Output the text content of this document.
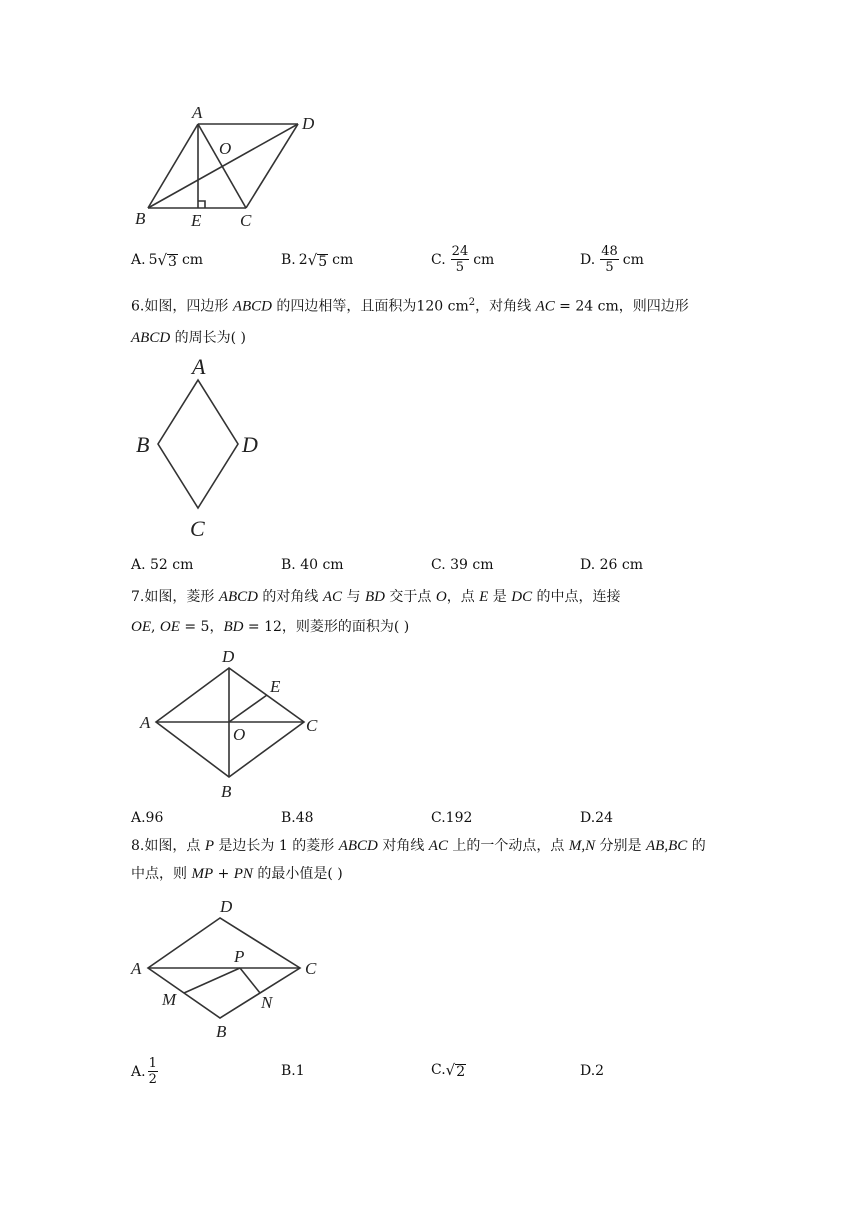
A
D
O
B	E C
A. 5 √ 3 cm	B. 2 √ 5 cm	C. $\frac{24}{5}$ cm	D. $\frac{48}{5}$ cm
6.如图，四边形 ABCD 的四边相等，且面积为120 $cm^2$，对角线 AC = 24 cm，则四边形
ABCD 的周长为( )
A
B	D
C
A. 52 cm	B. 40 cm	C. 39 cm	D. 26 cm
7.如图，菱形 ABCD 的对角线 AC 与 BD 交于点 O，点 E 是 DC 的中点，连接
OE, OE = 5，BD = 12，则菱形的面积为( )
D
E
A
O	C
B
A.96	B.48	C.192	D.24
8.如图，点 P 是边长为 1 的菱形 ABCD 对角线 AC 上的一个动点，点 M,N 分别是 AB,BC 的
中点，则 MP + PN 的最小值是( )
D
A
P
C
M	N
B
A. $\frac{1}{2}$	B.1	C. √ 2	D.2
